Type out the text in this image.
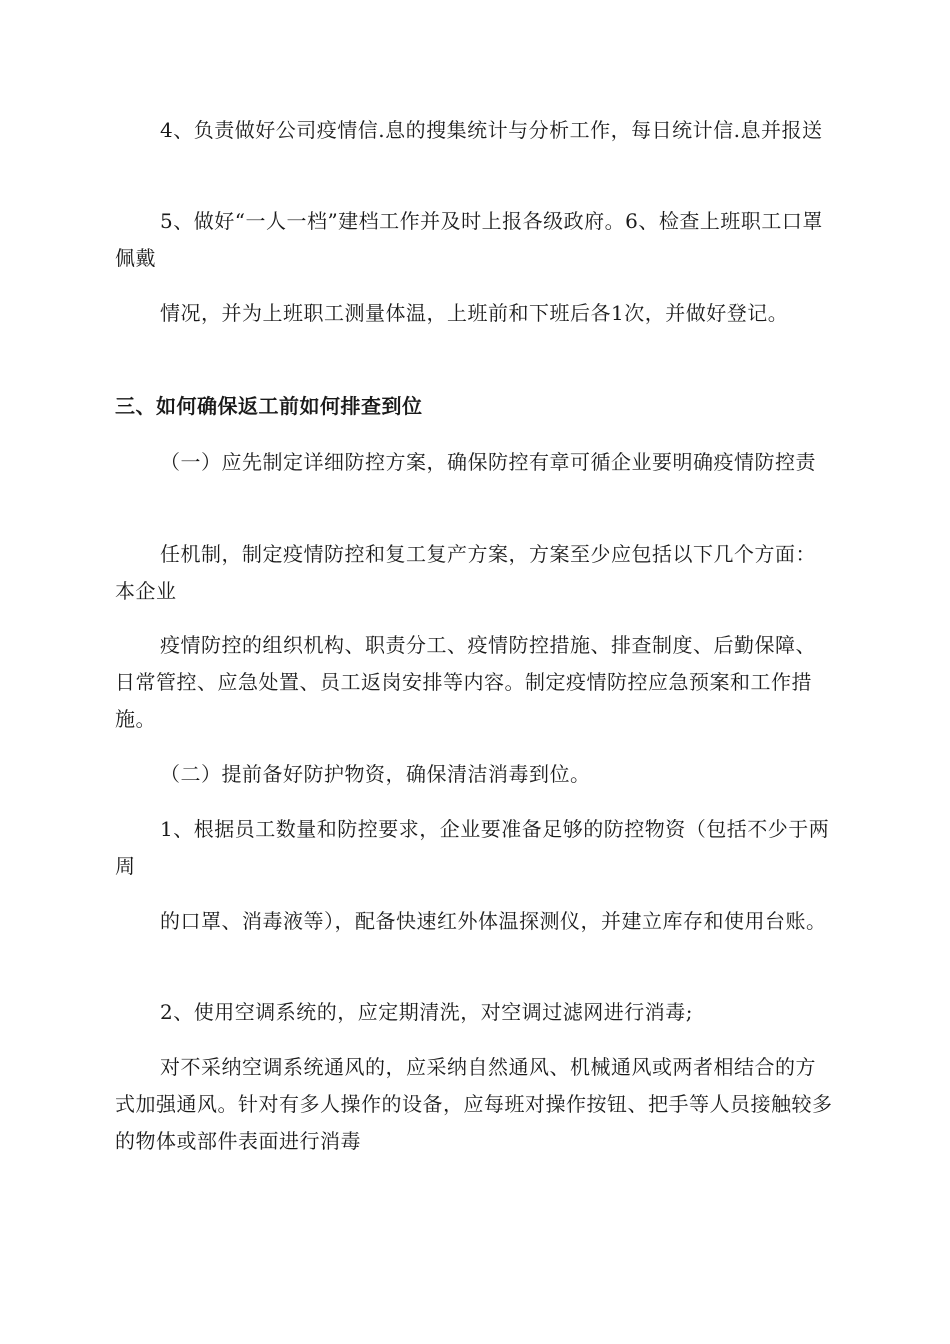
4、负责做好公司疫情信.息的搜集统计与分析工作，每日统计信.息并报送

5、做好“一人一档”建档工作并及时上报各级政府。6、检查上班职工口罩佩戴

情况，并为上班职工测量体温，上班前和下班后各1次，并做好登记。

三、如何确保返工前如何排查到位

（一）应先制定详细防控方案，确保防控有章可循企业要明确疫情防控责

任机制，制定疫情防控和复工复产方案，方案至少应包括以下几个方面：本企业

疫情防控的组织机构、职责分工、疫情防控措施、排查制度、后勤保障、日常管控、应急处置、员工返岗安排等内容。制定疫情防控应急预案和工作措施。

（二）提前备好防护物资，确保清洁消毒到位。

1、根据员工数量和防控要求，企业要准备足够的防控物资（包括不少于两周

的口罩、消毒液等），配备快速红外体温探测仪，并建立库存和使用台账。

2、使用空调系统的，应定期清洗，对空调过滤网进行消毒;

对不采纳空调系统通风的，应采纳自然通风、机械通风或两者相结合的方式加强通风。针对有多人操作的设备，应每班对操作按钮、把手等人员接触较多的物体或部件表面进行消毒
